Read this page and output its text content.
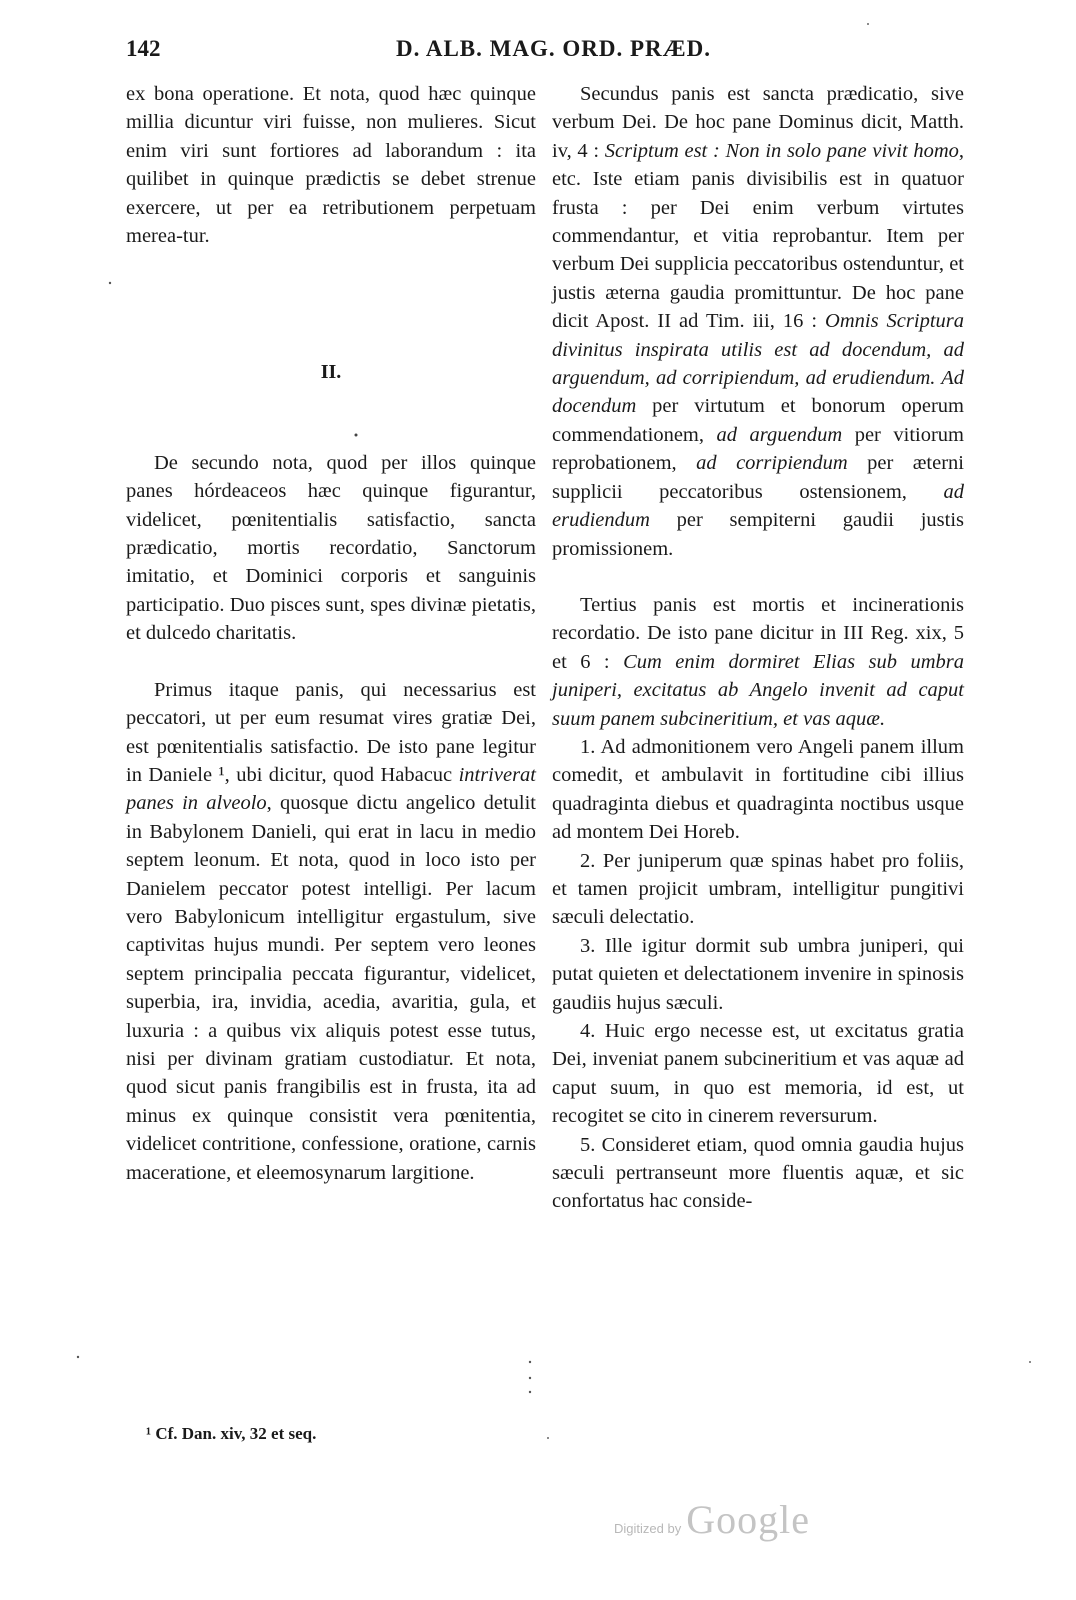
142	D. ALB. MAG. ORD. PRÆD.

ex bona operatione. Et nota, quod hæc quinque millia dicuntur viri fuisse, non mulieres. Sicut enim viri sunt fortiores ad laborandum : ita quilibet in quinque prædictis se debet strenue exercere, ut per ea retributionem perpetuam merea-tur.

II.

De secundo nota, quod per illos quinque panes hórdeaceos hæc quinque figurantur, videlicet, pœnitentialis satisfactio, sancta prædicatio, mortis recordatio, Sanctorum imitatio, et Dominici corporis et sanguinis participatio. Duo pisces sunt, spes divinæ pietatis, et dulcedo charitatis.

Primus itaque panis, qui necessarius est peccatori, ut per eum resumat vires gratiæ Dei, est pœnitentialis satisfactio. De isto pane legitur in Daniele ¹, ubi dicitur, quod Habacuc intriverat panes in alveolo, quosque dictu angelico detulit in Babylonem Danieli, qui erat in lacu in medio septem leonum. Et nota, quod in loco isto per Danielem peccator potest intelligi. Per lacum vero Babylonicum intelligitur ergastulum, sive captivitas hujus mundi. Per septem vero leones septem principalia peccata figurantur, videlicet, superbia, ira, invidia, acedia, avaritia, gula, et luxuria : a quibus vix aliquis potest esse tutus, nisi per divinam gratiam custodiatur. Et nota, quod sicut panis frangibilis est in frusta, ita ad minus ex quinque consistit vera pœnitentia, videlicet contritione, confessione, oratione, carnis maceratione, et eleemosynarum largitione.

Secundus panis est sancta prædicatio, sive verbum Dei. De hoc pane Dominus dicit, Matth. iv, 4 : Scriptum est : Non in solo pane vivit homo, etc. Iste etiam panis divisibilis est in quatuor frusta : per Dei enim verbum virtutes commendantur, et vitia reprobantur. Item per verbum Dei supplicia peccatoribus ostenduntur, et justis æterna gaudia promittuntur. De hoc pane dicit Apost. II ad Tim. iii, 16 : Omnis Scriptura divinitus inspirata utilis est ad docendum, ad arguendum, ad corripiendum, ad erudiendum. Ad docendum per virtutum et bonorum operum commendationem, ad arguendum per vitiorum reprobationem, ad corripiendum per æterni supplicii peccatoribus ostensionem, ad erudiendum per sempiterni gaudii justis promissionem.

Tertius panis est mortis et incinerationis recordatio. De isto pane dicitur in III Reg. xix, 5 et 6 : Cum enim dormiret Elias sub umbra juniperi, excitatus ab Angelo invenit ad caput suum panem subcineritium, et vas aquæ.

1. Ad admonitionem vero Angeli panem illum comedit, et ambulavit in fortitudine cibi illius quadraginta diebus et quadraginta noctibus usque ad montem Dei Horeb.

2. Per juniperum quæ spinas habet pro foliis, et tamen projicit umbram, intelligitur pungitivi sæculi delectatio.

3. Ille igitur dormit sub umbra juniperi, qui putat quieten et delectationem invenire in spinosis gaudiis hujus sæculi.

4. Huic ergo necesse est, ut excitatus gratia Dei, inveniat panem subcineritium et vas aquæ ad caput suum, in quo est memoria, id est, ut recogitet se cito in cinerem reversurum.

5. Consideret etiam, quod omnia gaudia hujus sæculi pertranseunt more fluentis aquæ, et sic confortatus hac conside-

¹ Cf. Dan. xiv, 32 et seq.
Digitized by Google
